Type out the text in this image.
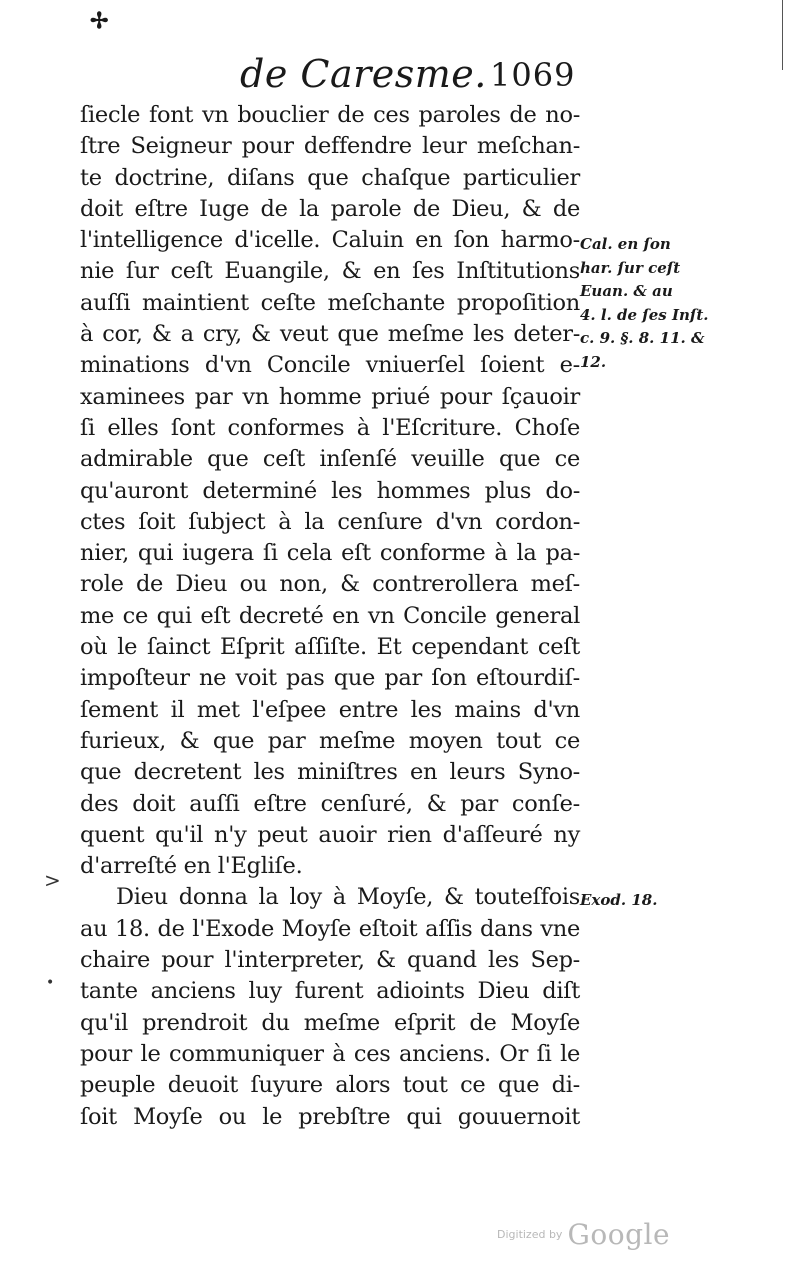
✢
de Caresme. 1069
ſiecle font vn bouclier de ces paroles de no-
ſtre Seigneur pour deffendre leur meſchan-
te doctrine, diſans que chaſque particulier
doit eſtre Iuge de la parole de Dieu, & de
l'intelligence d'icelle. Caluin en ſon harmo-
nie ſur ceſt Euangile, & en ſes Inſtitutions
auſſi maintient ceſte meſchante propoſition
à cor, & a cry, & veut que meſme les deter-
minations d'vn Concile vniuerſel ſoient e-
xaminees par vn homme priué pour ſçauoir
ſi elles ſont conformes à l'Eſcriture. Choſe
admirable que ceſt inſenſé veuille que ce
qu'auront determiné les hommes plus do-
ctes ſoit ſubject à la cenſure d'vn cordon-
nier, qui iugera ſi cela eſt conforme à la pa-
role de Dieu ou non, & contrerollera meſ-
me ce qui eſt decreté en vn Concile general
où le ſainct Eſprit aſſiſte. Et cependant ceſt
impoſteur ne voit pas que par ſon eſtourdiſ-
ſement il met l'eſpee entre les mains d'vn
furieux, & que par meſme moyen tout ce
que decretent les miniſtres en leurs Syno-
des doit auſſi eſtre cenſuré, & par conſe-
quent qu'il n'y peut auoir rien d'aſſeuré ny
d'arreſté en l'Egliſe.
Dieu donna la loy à Moyſe, & touteſfois
au 18. de l'Exode Moyſe eſtoit aſſis dans vne
chaire pour l'interpreter, & quand les Sep-
tante anciens luy furent adioints Dieu diſt
qu'il prendroit du meſme eſprit de Moyſe
pour le communiquer à ces anciens. Or ſi le
peuple deuoit ſuyure alors tout ce que di-
ſoit Moyſe ou le prebſtre qui gouuernoit
Cal. en ſon
har. ſur ceſt
Euan. & au
4. l. de ſes Inſt.
c. 9. §. 8. 11. &
12.
Exod. 18.
>
•
Digitized by Google
